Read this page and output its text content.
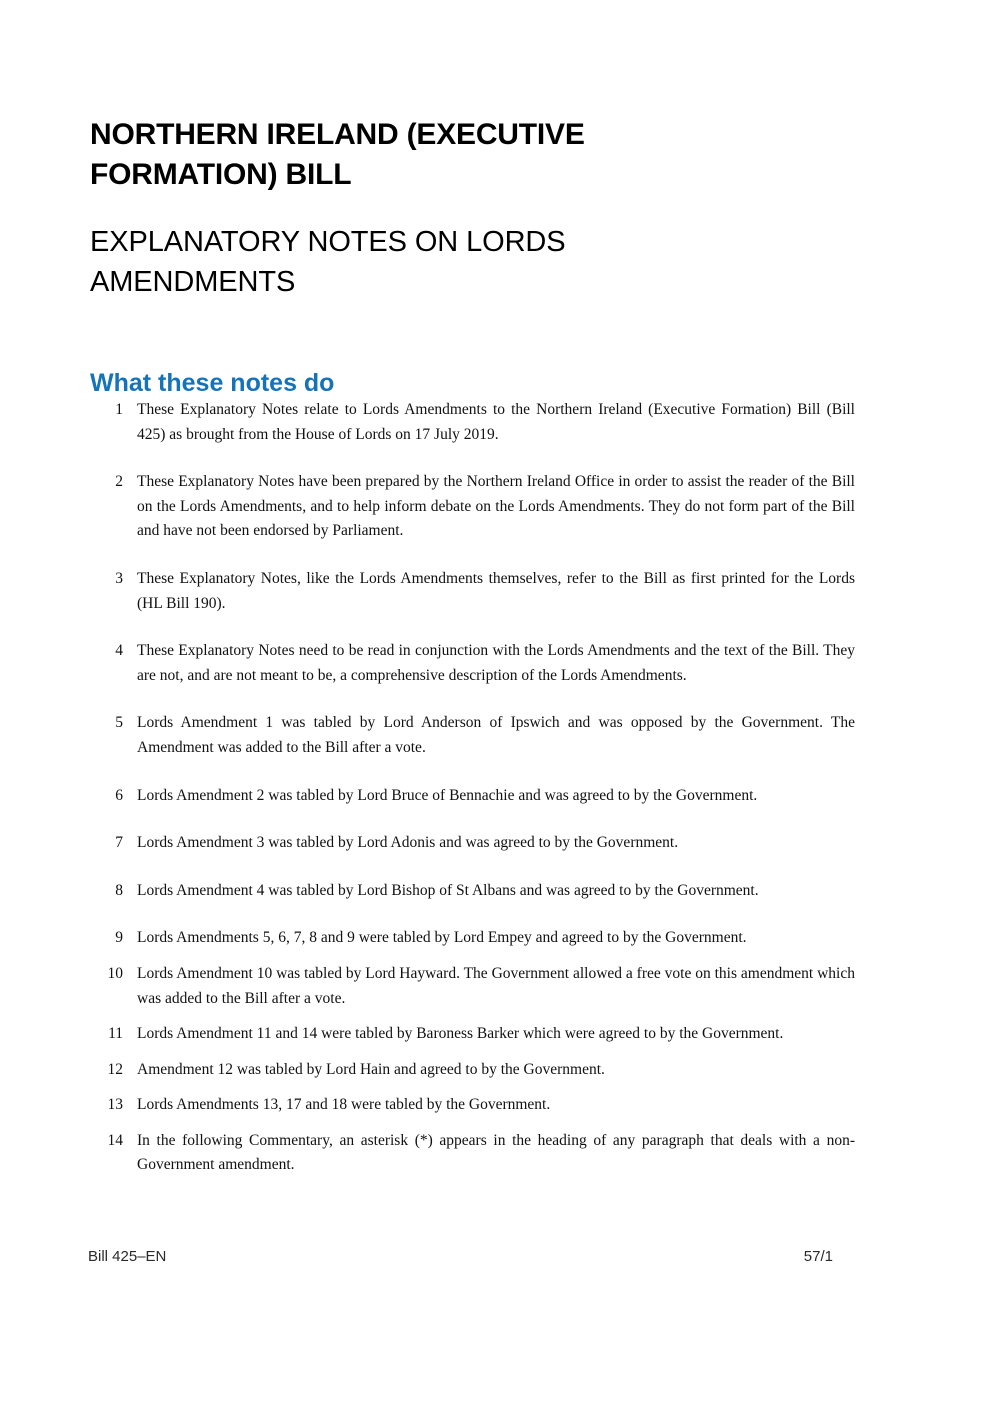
NORTHERN IRELAND (EXECUTIVE FORMATION) BILL
EXPLANATORY NOTES ON LORDS AMENDMENTS
What these notes do
1 These Explanatory Notes relate to Lords Amendments to the Northern Ireland (Executive Formation) Bill (Bill 425) as brought from the House of Lords on 17 July 2019.
2 These Explanatory Notes have been prepared by the Northern Ireland Office in order to assist the reader of the Bill on the Lords Amendments, and to help inform debate on the Lords Amendments. They do not form part of the Bill and have not been endorsed by Parliament.
3 These Explanatory Notes, like the Lords Amendments themselves, refer to the Bill as first printed for the Lords (HL Bill 190).
4 These Explanatory Notes need to be read in conjunction with the Lords Amendments and the text of the Bill. They are not, and are not meant to be, a comprehensive description of the Lords Amendments.
5 Lords Amendment 1 was tabled by Lord Anderson of Ipswich and was opposed by the Government. The Amendment was added to the Bill after a vote.
6 Lords Amendment 2 was tabled by Lord Bruce of Bennachie and was agreed to by the Government.
7 Lords Amendment 3 was tabled by Lord Adonis and was agreed to by the Government.
8 Lords Amendment 4 was tabled by Lord Bishop of St Albans and was agreed to by the Government.
9 Lords Amendments 5, 6, 7, 8 and 9 were tabled by Lord Empey and agreed to by the Government.
10 Lords Amendment 10 was tabled by Lord Hayward. The Government allowed a free vote on this amendment which was added to the Bill after a vote.
11 Lords Amendment 11 and 14 were tabled by Baroness Barker which were agreed to by the Government.
12 Amendment 12 was tabled by Lord Hain and agreed to by the Government.
13 Lords Amendments 13, 17 and 18 were tabled by the Government.
14 In the following Commentary, an asterisk (*) appears in the heading of any paragraph that deals with a non-Government amendment.
Bill 425–EN	57/1
